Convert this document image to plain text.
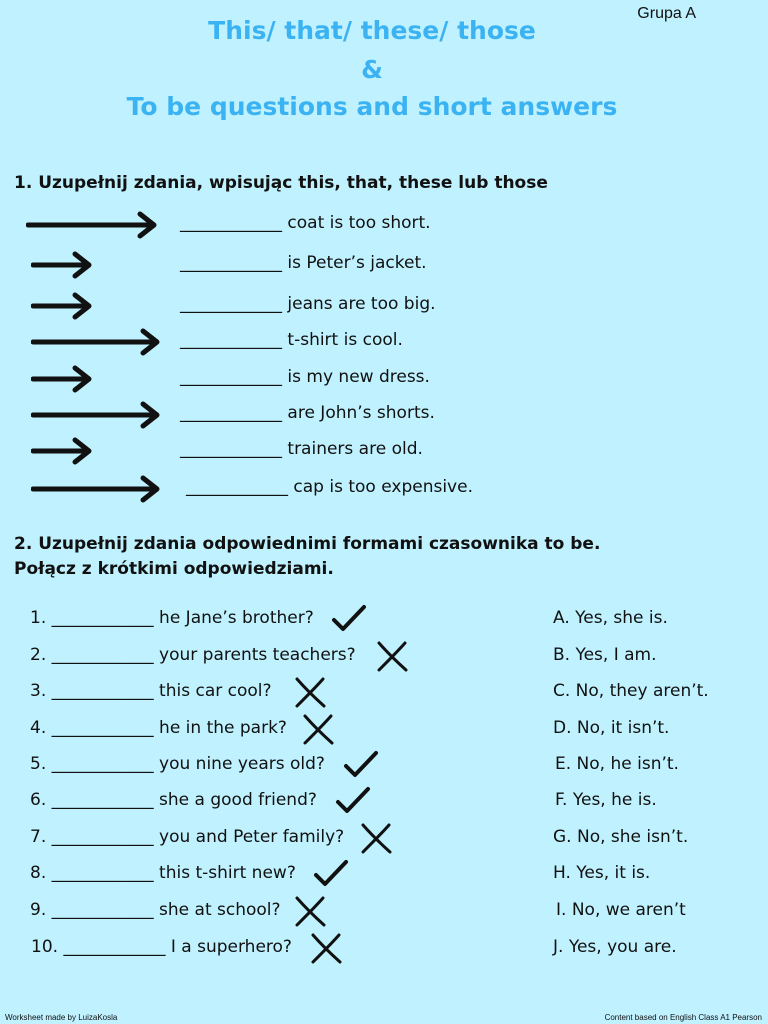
Grupa A
This/ that/ these/ those
&
To be questions and short answers
1. Uzupełnij zdania, wpisując this, that, these lub those
____________ coat is too short.
____________ is Peter’s jacket.
____________ jeans are too big.
____________ t-shirt is cool.
____________ is my new dress.
____________ are John’s shorts.
____________ trainers are old.
____________ cap is too expensive.
2. Uzupełnij zdania odpowiednimi formami czasownika to be.
Połącz z krótkimi odpowiedziami.
1. ____________ he Jane’s brother?	A. Yes, she is.
2. ____________ your parents teachers?	B. Yes, I am.
3. ____________ this car cool?	C. No, they aren’t.
4. ____________ he in the park?	D. No, it isn’t.
5. ____________ you nine years old?	E. No, he isn’t.
6. ____________ she a good friend?	F. Yes, he is.
7. ____________ you and Peter family?	G. No, she isn’t.
8. ____________ this t-shirt new?	H. Yes, it is.
9. ____________ she at school?	I. No, we aren’t
10. ____________ I a superhero?	J. Yes, you are.
Worksheet made by LuizaKosla	Content based on English Class A1 Pearson
